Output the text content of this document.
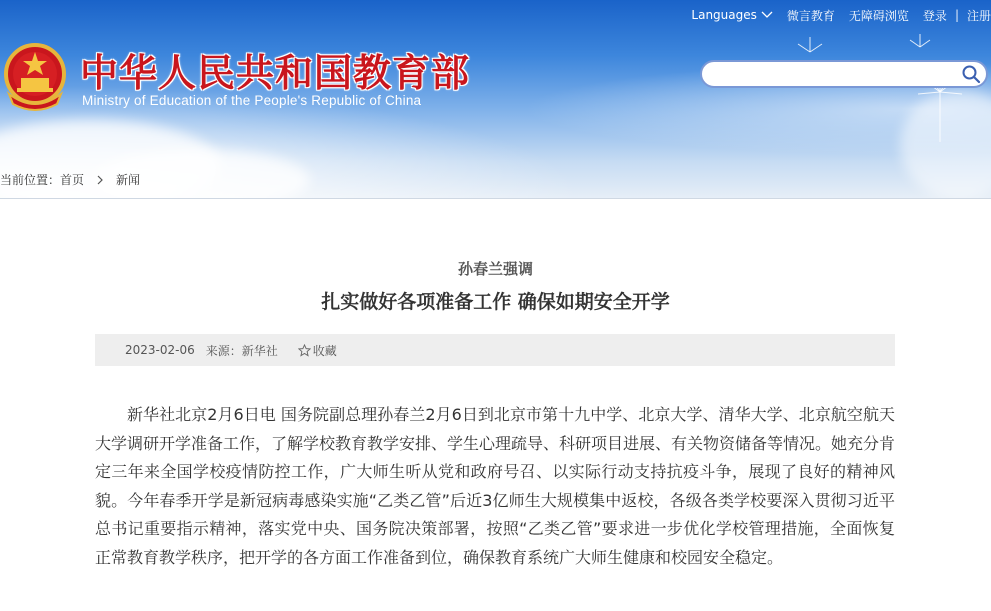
Languages	微言教育 无障碍浏览 登录 | 注册
中华人民共和国教育部
Ministry of Education of the People's Republic of China
当前位置： 首页	新闻
孙春兰强调
扎实做好各项准备工作 确保如期安全开学
2023-02-06 来源：新华社	收藏

新华社北京2月6日电 国务院副总理孙春兰2月6日到北京市第十九中学、北京大学、清华大学、北京航空航天大学调研开学准备工作，了解学校教育教学安排、学生心理疏导、科研项目进展、有关物资储备等情况。她充分肯定三年来全国学校疫情防控工作，广大师生听从党和政府号召、以实际行动支持抗疫斗争，展现了良好的精神风貌。今年春季开学是新冠病毒感染实施“乙类乙管”后近3亿师生大规模集中返校，各级各类学校要深入贯彻习近平总书记重要指示精神，落实党中央、国务院决策部署，按照“乙类乙管”要求进一步优化学校管理措施，全面恢复正常教育教学秩序，把开学的各方面工作准备到位，确保教育系统广大师生健康和校园安全稳定。
